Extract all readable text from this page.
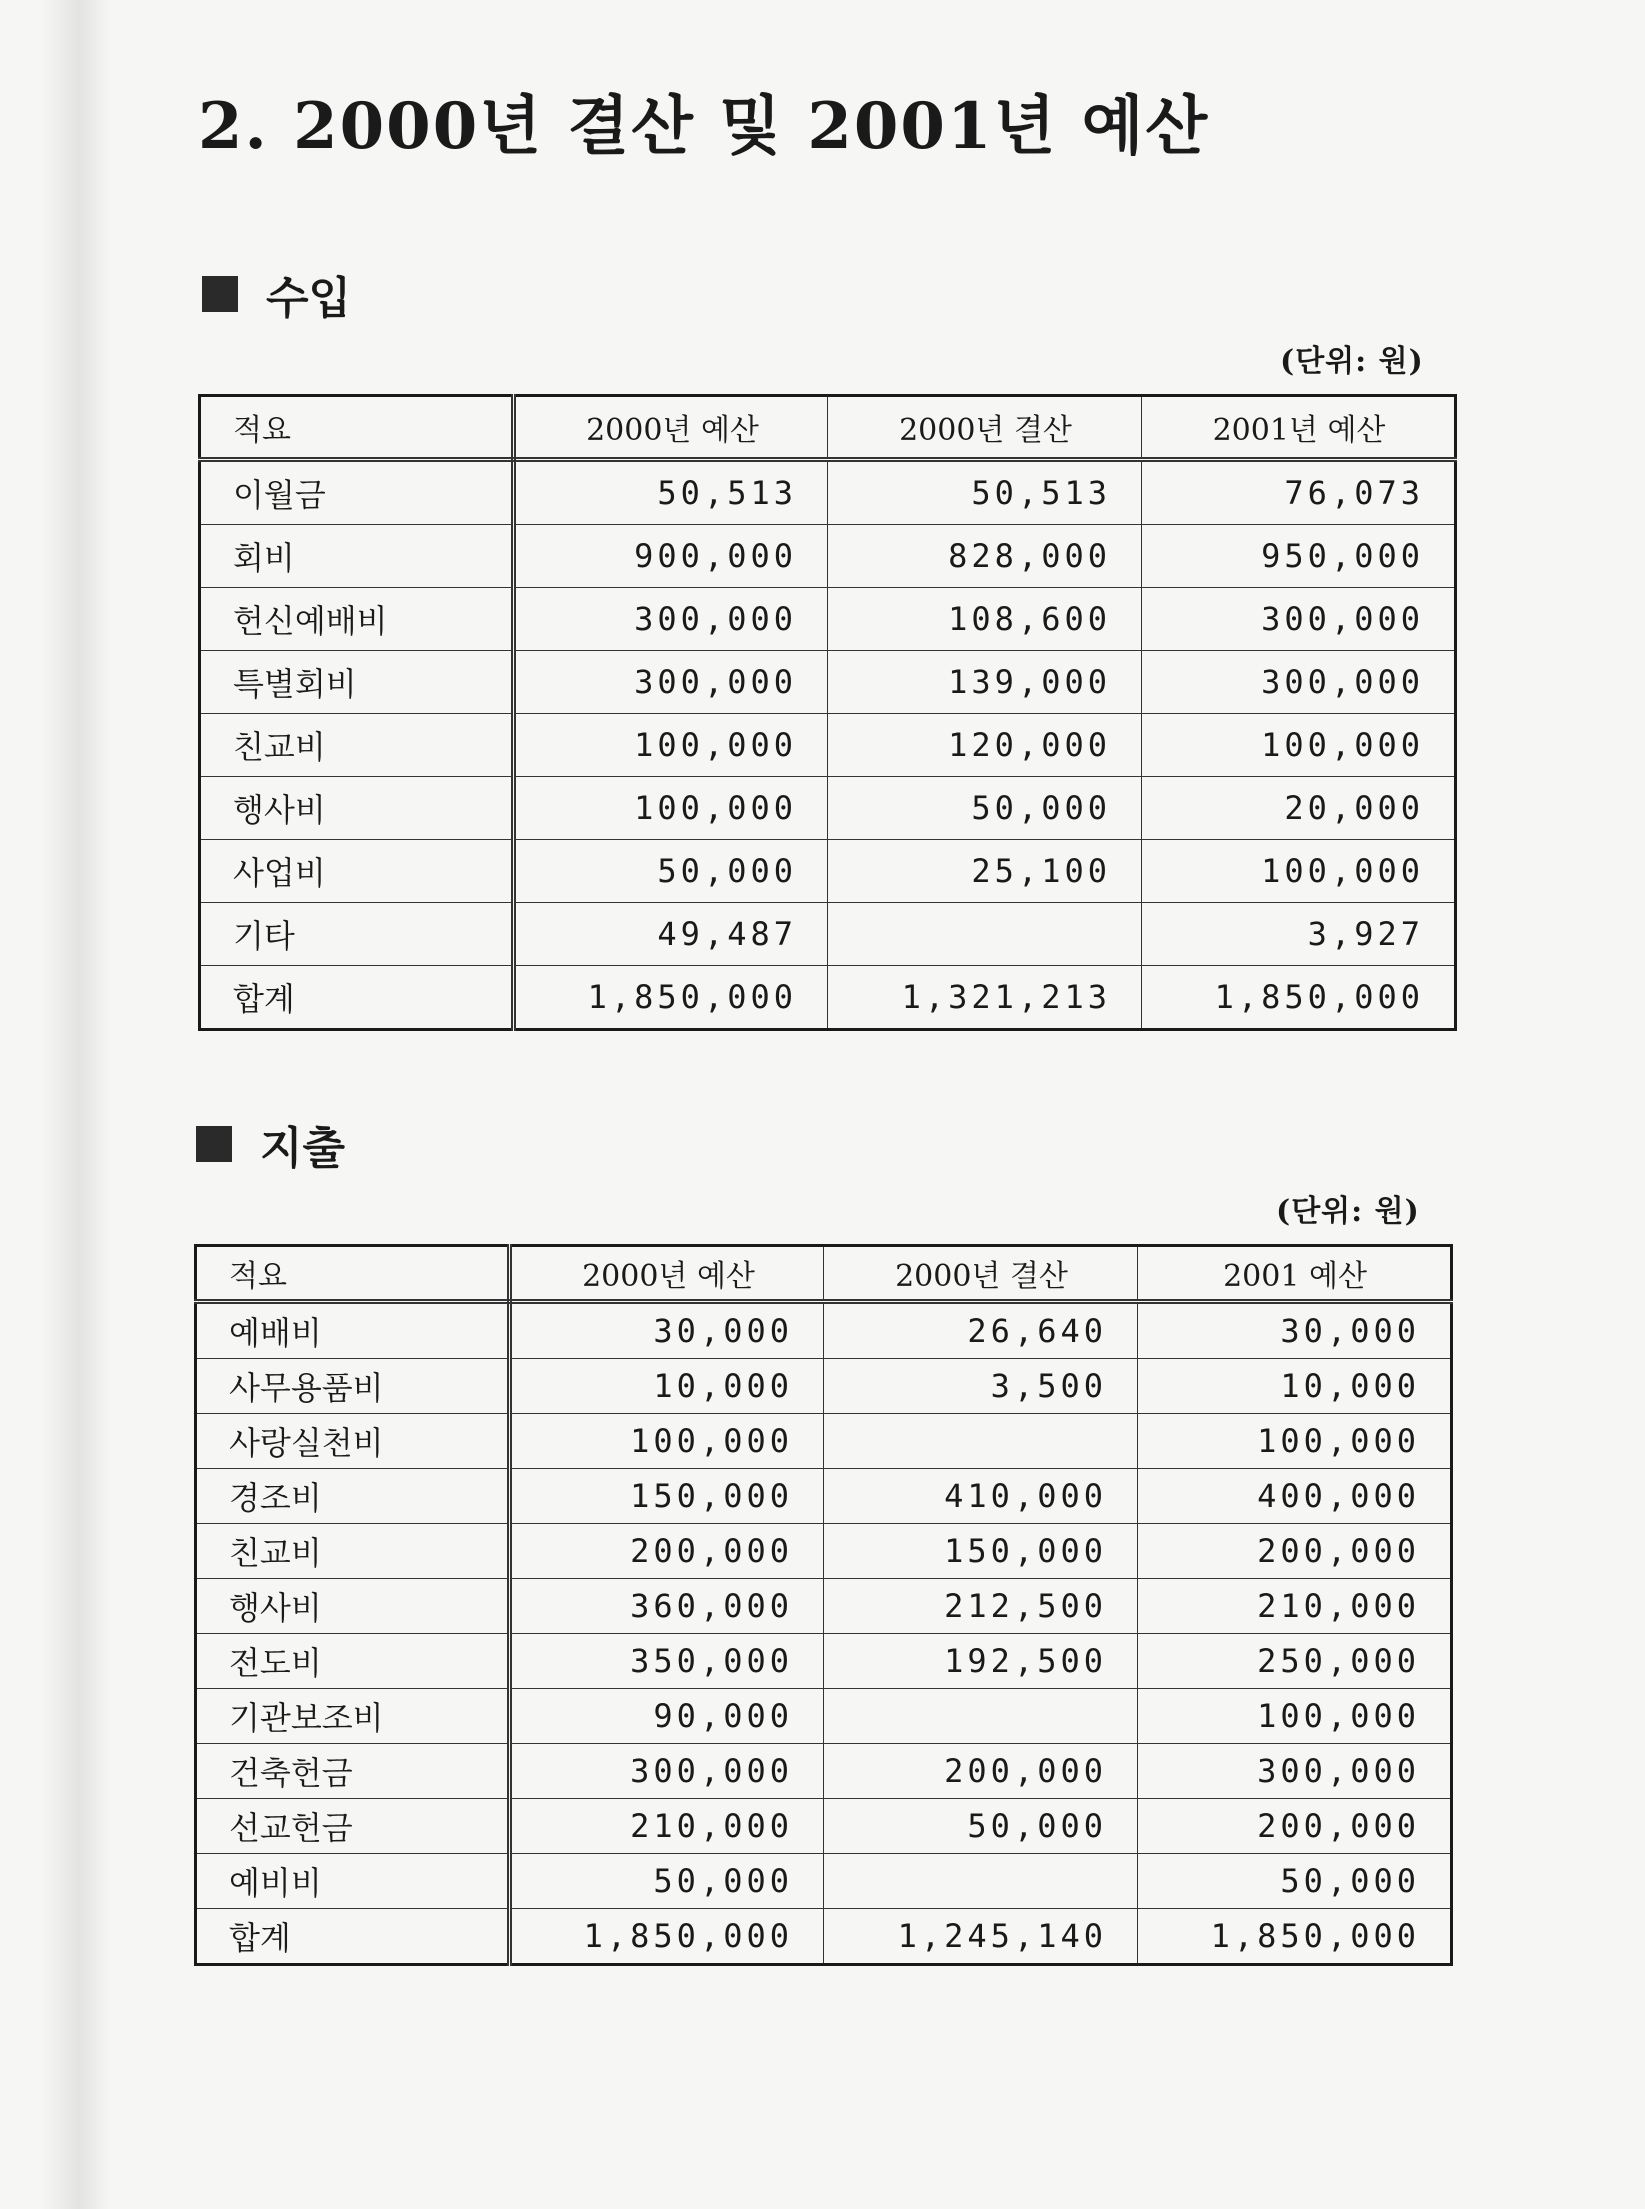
2. 2000년 결산 및 2001년 예산
수입
(단위: 원)
적요	2000년 예산	2000년 결산	2001년 예산
이월금	50,513	50,513	76,073
회비	900,000	828,000	950,000
헌신예배비	300,000	108,600	300,000
특별회비	300,000	139,000	300,000
친교비	100,000	120,000	100,000
행사비	100,000	50,000	20,000
사업비	50,000	25,100	100,000
기타	49,487		3,927
합계	1,850,000	1,321,213	1,850,000
지출
(단위: 원)
적요	2000년 예산	2000년 결산	2001 예산
예배비	30,000	26,640	30,000
사무용품비	10,000	3,500	10,000
사랑실천비	100,000		100,000
경조비	150,000	410,000	400,000
친교비	200,000	150,000	200,000
행사비	360,000	212,500	210,000
전도비	350,000	192,500	250,000
기관보조비	90,000		100,000
건축헌금	300,000	200,000	300,000
선교헌금	210,000	50,000	200,000
예비비	50,000		50,000
합계	1,850,000	1,245,140	1,850,000
